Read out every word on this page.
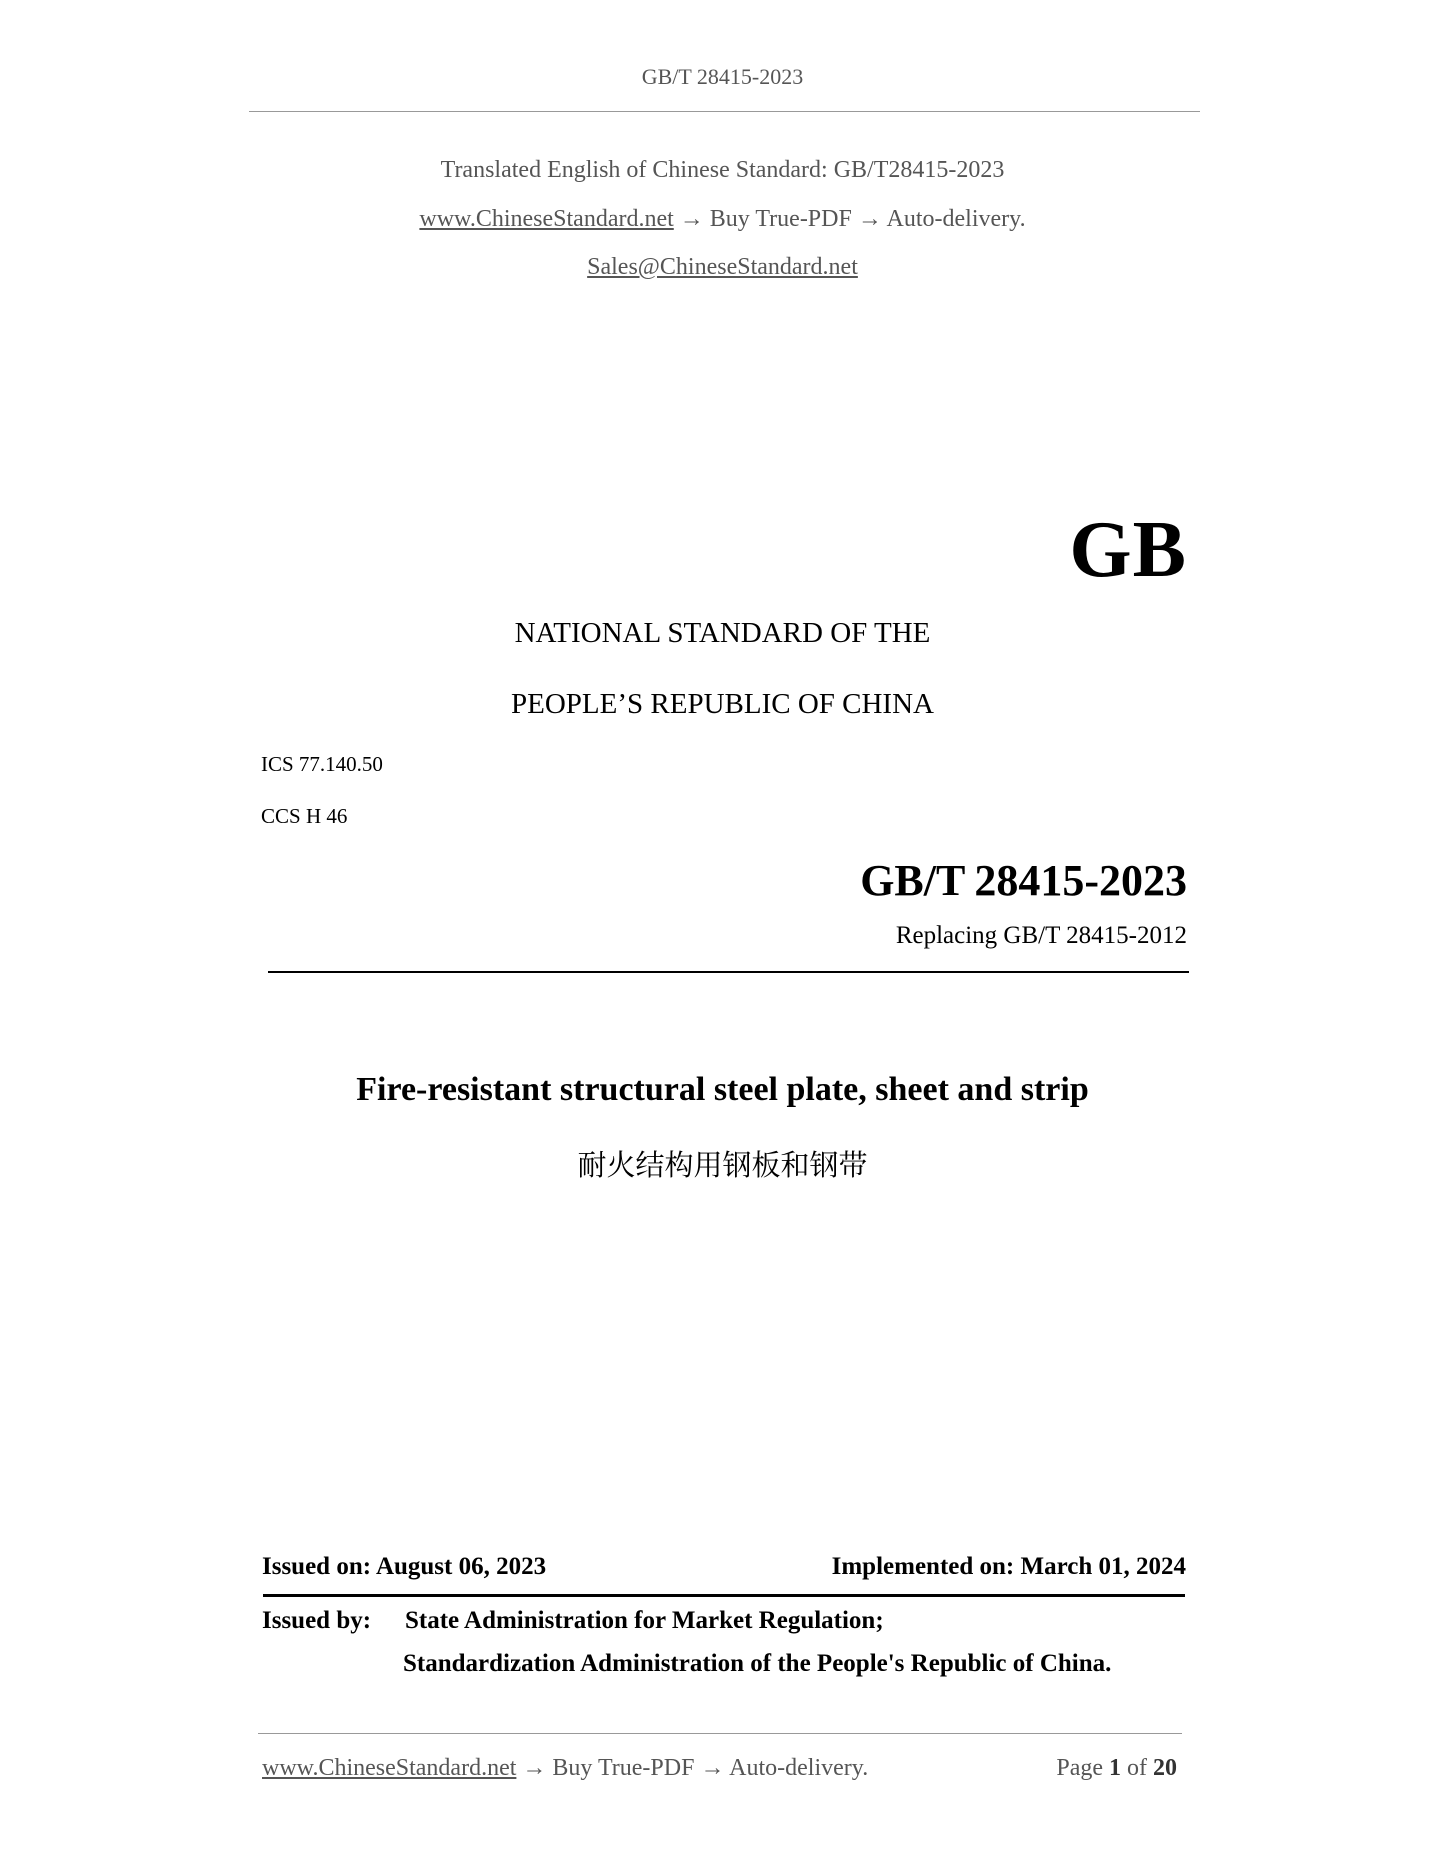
GB/T 28415-2023
Translated English of Chinese Standard: GB/T28415-2023
www.ChineseStandard.net → Buy True-PDF → Auto-delivery.
Sales@ChineseStandard.net
GB
NATIONAL STANDARD OF THE
PEOPLE’S REPUBLIC OF CHINA
ICS 77.140.50
CCS H 46
GB/T 28415-2023
Replacing GB/T 28415-2012
Fire-resistant structural steel plate, sheet and strip
耐火结构用钢板和钢带
Issued on: August 06, 2023	Implemented on: March 01, 2024
Issued by: State Administration for Market Regulation;
Standardization Administration of the People's Republic of China.
www.ChineseStandard.net → Buy True-PDF → Auto-delivery.	Page 1 of 20
